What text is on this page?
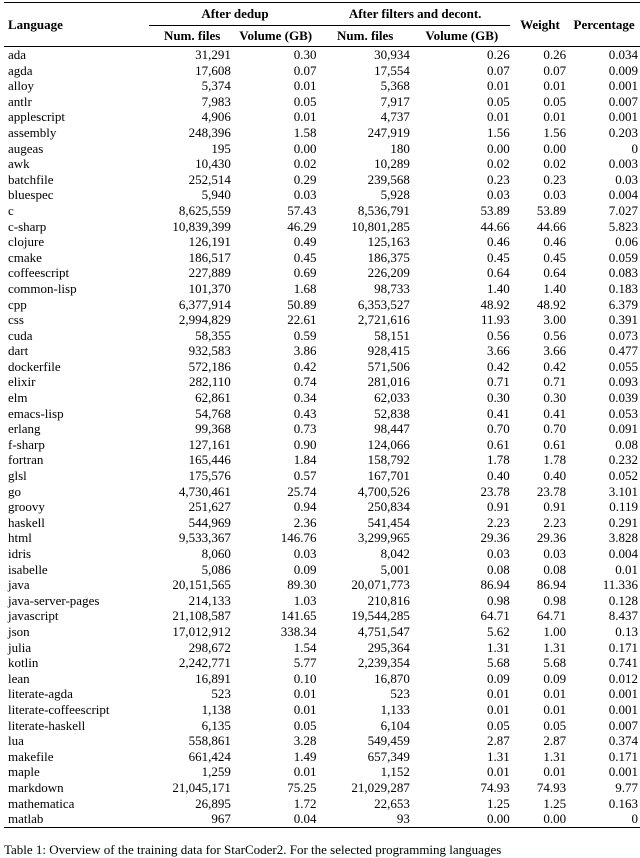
Language	After dedup		After filters and decont.		Weight	Percentage
	Num. files	Volume (GB)	Num. files	Volume (GB)		
ada	31,291	0.30	30,934	0.26	0.26	0.034
agda	17,608	0.07	17,554	0.07	0.07	0.009
alloy	5,374	0.01	5,368	0.01	0.01	0.001
antlr	7,983	0.05	7,917	0.05	0.05	0.007
applescript	4,906	0.01	4,737	0.01	0.01	0.001
assembly	248,396	1.58	247,919	1.56	1.56	0.203
augeas	195	0.00	180	0.00	0.00	0
awk	10,430	0.02	10,289	0.02	0.02	0.003
batchfile	252,514	0.29	239,568	0.23	0.23	0.03
bluespec	5,940	0.03	5,928	0.03	0.03	0.004
c	8,625,559	57.43	8,536,791	53.89	53.89	7.027
c-sharp	10,839,399	46.29	10,801,285	44.66	44.66	5.823
clojure	126,191	0.49	125,163	0.46	0.46	0.06
cmake	186,517	0.45	186,375	0.45	0.45	0.059
coffeescript	227,889	0.69	226,209	0.64	0.64	0.083
common-lisp	101,370	1.68	98,733	1.40	1.40	0.183
cpp	6,377,914	50.89	6,353,527	48.92	48.92	6.379
css	2,994,829	22.61	2,721,616	11.93	3.00	0.391
cuda	58,355	0.59	58,151	0.56	0.56	0.073
dart	932,583	3.86	928,415	3.66	3.66	0.477
dockerfile	572,186	0.42	571,506	0.42	0.42	0.055
elixir	282,110	0.74	281,016	0.71	0.71	0.093
elm	62,861	0.34	62,033	0.30	0.30	0.039
emacs-lisp	54,768	0.43	52,838	0.41	0.41	0.053
erlang	99,368	0.73	98,447	0.70	0.70	0.091
f-sharp	127,161	0.90	124,066	0.61	0.61	0.08
fortran	165,446	1.84	158,792	1.78	1.78	0.232
glsl	175,576	0.57	167,701	0.40	0.40	0.052
go	4,730,461	25.74	4,700,526	23.78	23.78	3.101
groovy	251,627	0.94	250,834	0.91	0.91	0.119
haskell	544,969	2.36	541,454	2.23	2.23	0.291
html	9,533,367	146.76	3,299,965	29.36	29.36	3.828
idris	8,060	0.03	8,042	0.03	0.03	0.004
isabelle	5,086	0.09	5,001	0.08	0.08	0.01
java	20,151,565	89.30	20,071,773	86.94	86.94	11.336
java-server-pages	214,133	1.03	210,816	0.98	0.98	0.128
javascript	21,108,587	141.65	19,544,285	64.71	64.71	8.437
json	17,012,912	338.34	4,751,547	5.62	1.00	0.13
julia	298,672	1.54	295,364	1.31	1.31	0.171
kotlin	2,242,771	5.77	2,239,354	5.68	5.68	0.741
lean	16,891	0.10	16,870	0.09	0.09	0.012
literate-agda	523	0.01	523	0.01	0.01	0.001
literate-coffeescript	1,138	0.01	1,133	0.01	0.01	0.001
literate-haskell	6,135	0.05	6,104	0.05	0.05	0.007
lua	558,861	3.28	549,459	2.87	2.87	0.374
makefile	661,424	1.49	657,349	1.31	1.31	0.171
maple	1,259	0.01	1,152	0.01	0.01	0.001
markdown	21,045,171	75.25	21,029,287	74.93	74.93	9.77
mathematica	26,895	1.72	22,653	1.25	1.25	0.163
matlab	967	0.04	93	0.00	0.00	0
Table 1: Overview of the training data for StarCoder2. For the selected programming languages
